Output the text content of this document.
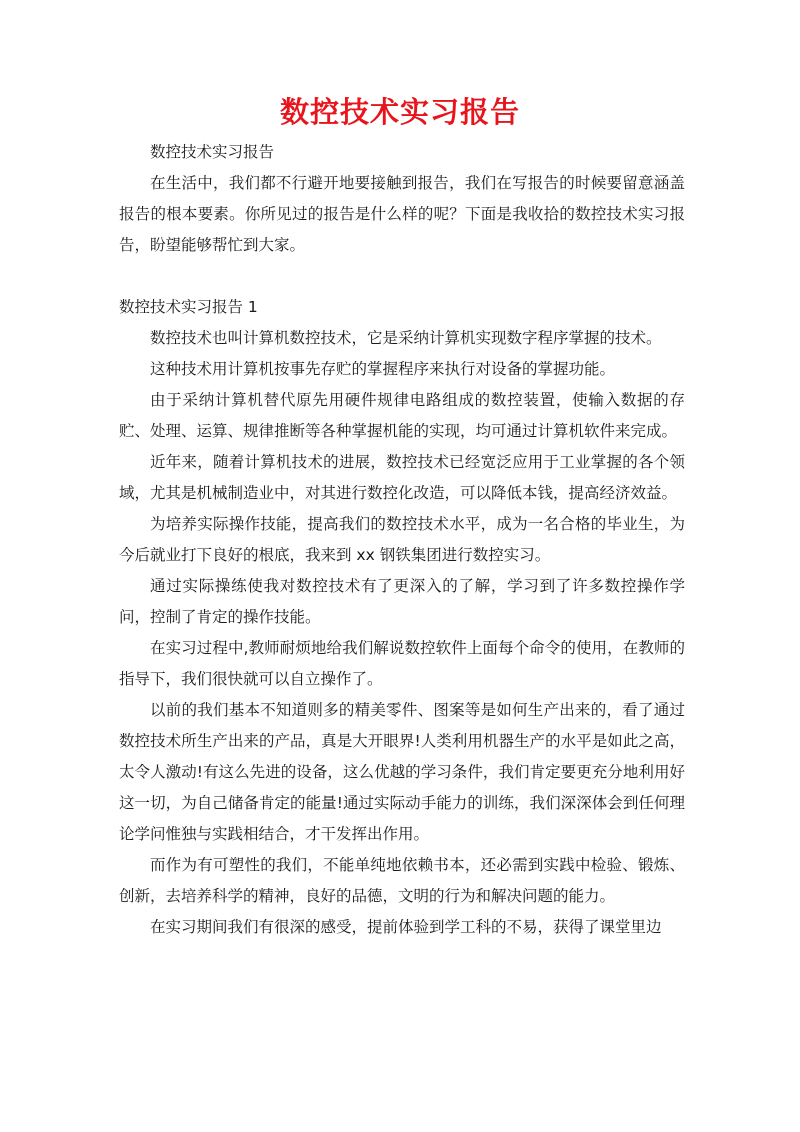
数控技术实习报告

数控技术实习报告

在生活中，我们都不行避开地要接触到报告，我们在写报告的时候要留意涵盖报告的根本要素。你所见过的报告是什么样的呢？下面是我收拾的数控技术实习报告，盼望能够帮忙到大家。

数控技术实习报告 1

数控技术也叫计算机数控技术，它是采纳计算机实现数字程序掌握的技术。

这种技术用计算机按事先存贮的掌握程序来执行对设备的掌握功能。

由于采纳计算机替代原先用硬件规律电路组成的数控装置，使输入数据的存贮、处理、运算、规律推断等各种掌握机能的实现，均可通过计算机软件来完成。

近年来，随着计算机技术的进展，数控技术已经宽泛应用于工业掌握的各个领域，尤其是机械制造业中，对其进行数控化改造，可以降低本钱，提高经济效益。

为培养实际操作技能，提高我们的数控技术水平，成为一名合格的毕业生，为今后就业打下良好的根底，我来到 xx 钢铁集团进行数控实习。

通过实际操练使我对数控技术有了更深入的了解，学习到了许多数控操作学问，控制了肯定的操作技能。

在实习过程中,教师耐烦地给我们解说数控软件上面每个命令的使用，在教师的指导下，我们很快就可以自立操作了。

以前的我们基本不知道则多的精美零件、图案等是如何生产出来的，看了通过数控技术所生产出来的产品，真是大开眼界!人类利用机器生产的水平是如此之高，太令人激动!有这么先进的设备，这么优越的学习条件，我们肯定要更充分地利用好这一切，为自己储备肯定的能量!通过实际动手能力的训练，我们深深体会到任何理论学问惟独与实践相结合，才干发挥出作用。

而作为有可塑性的我们，不能单纯地依赖书本，还必需到实践中检验、锻炼、创新，去培养科学的精神，良好的品德，文明的行为和解决问题的能力。

在实习期间我们有很深的感受，提前体验到学工科的不易，获得了课堂里边
